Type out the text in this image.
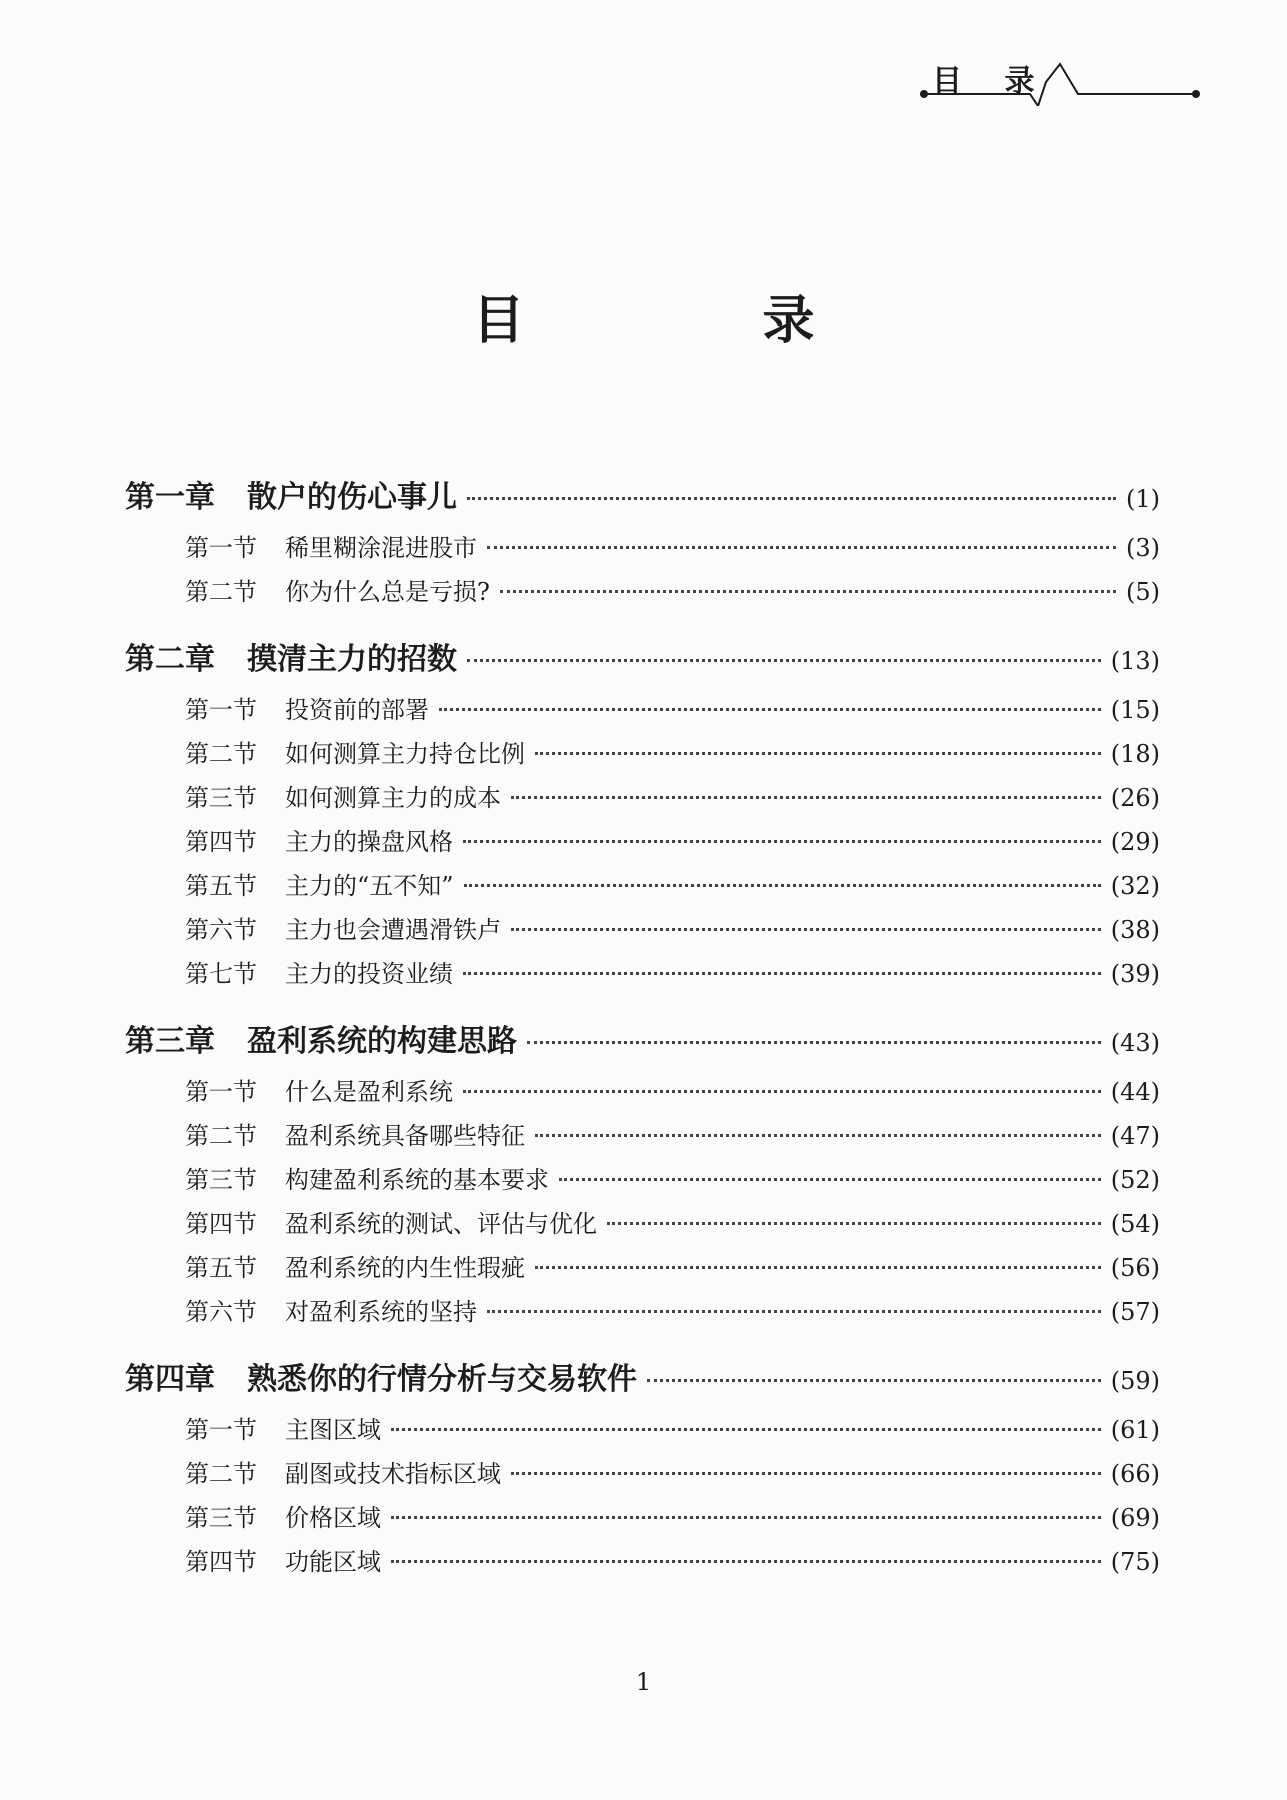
目 录
目 录
第一章 散户的伤心事儿	(1)
第一节 稀里糊涂混进股市	(3)
第二节 你为什么总是亏损?	(5)
第二章 摸清主力的招数	(13)
第一节 投资前的部署	(15)
第二节 如何测算主力持仓比例	(18)
第三节 如何测算主力的成本	(26)
第四节 主力的操盘风格	(29)
第五节 主力的“五不知”	(32)
第六节 主力也会遭遇滑铁卢	(38)
第七节 主力的投资业绩	(39)
第三章 盈利系统的构建思路	(43)
第一节 什么是盈利系统	(44)
第二节 盈利系统具备哪些特征	(47)
第三节 构建盈利系统的基本要求	(52)
第四节 盈利系统的测试、评估与优化	(54)
第五节 盈利系统的内生性瑕疵	(56)
第六节 对盈利系统的坚持	(57)
第四章 熟悉你的行情分析与交易软件	(59)
第一节 主图区域	(61)
第二节 副图或技术指标区域	(66)
第三节 价格区域	(69)
第四节 功能区域	(75)
1
